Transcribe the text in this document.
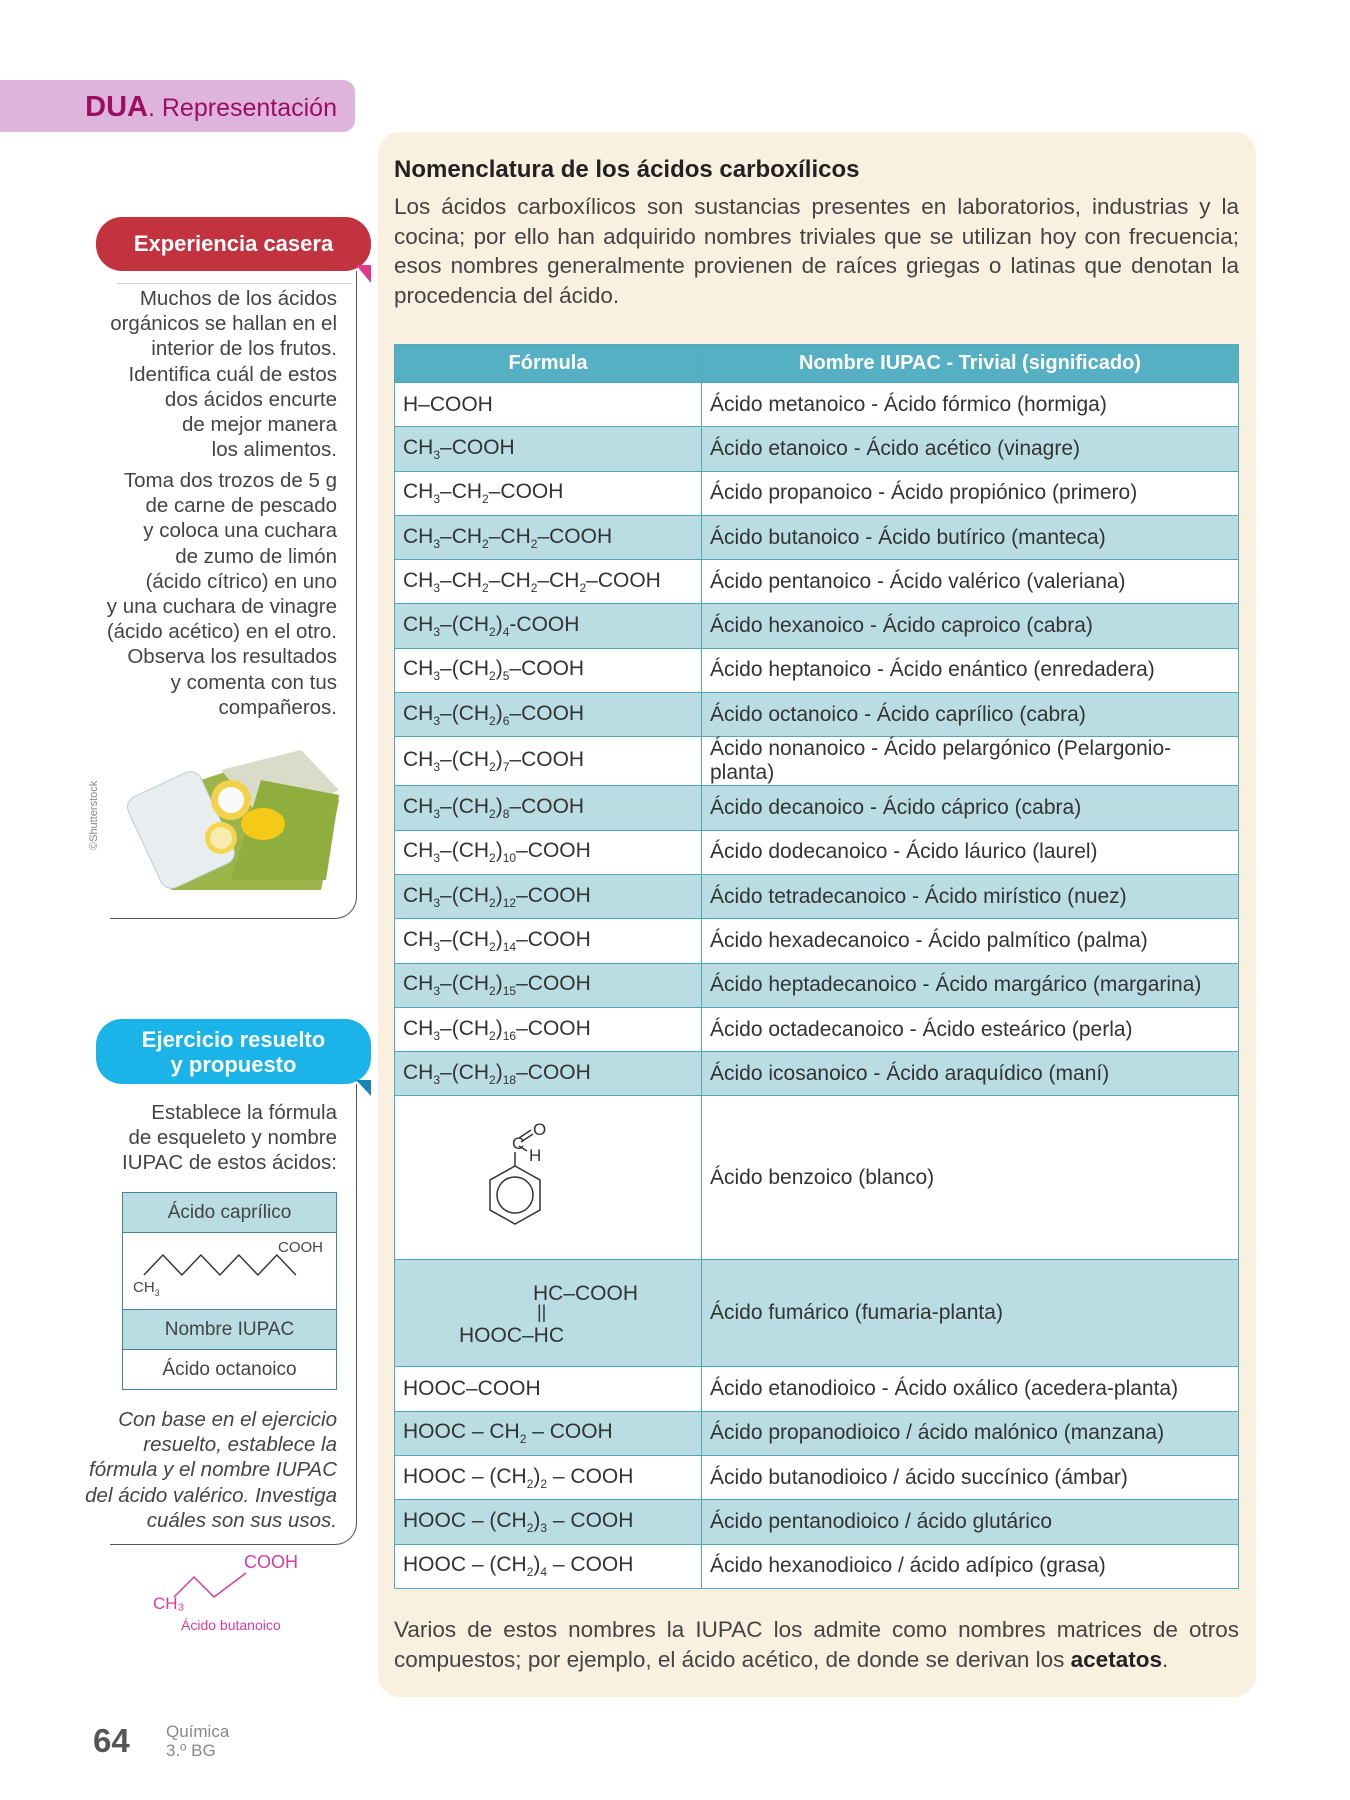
DUA. Representación
Experiencia casera
Muchos de los ácidos
orgánicos se hallan en el
interior de los frutos.
Identifica cuál de estos
dos ácidos encurte
de mejor manera
los alimentos.
Toma dos trozos de 5 g
de carne de pescado
y coloca una cuchara
de zumo de limón
(ácido cítrico) en uno
y una cuchara de vinagre
(ácido acético) en el otro.
Observa los resultados
y comenta con tus
compañeros.
©Shutterstock
Ejercicio resuelto
y propuesto
Establece la fórmula
de esqueleto y nombre
IUPAC de estos ácidos:
Ácido caprílico

COOH
$CH_3$

Nombre IUPAC
Ácido octanoico
Con base en el ejercicio
resuelto, establece la
fórmula y el nombre IUPAC
del ácido valérico. Investiga
cuáles son sus usos.
COOH
CH₃
Ácido butanoico
Nomenclatura de los ácidos carboxílicos
Los ácidos carboxílicos son sustancias presentes en laboratorios, industrias y la cocina; por ello han adquirido nombres triviales que se utilizan hoy con frecuencia; esos nombres generalmente provienen de raíces griegas o latinas que denotan la procedencia del ácido.
Fórmula	Nombre IUPAC - Trivial (significado)
H–COOH	Ácido metanoico - Ácido fórmico (hormiga)
$CH_3$–COOH	Ácido etanoico - Ácido acético (vinagre)
$CH_3-CH_2$–COOH	Ácido propanoico - Ácido propiónico (primero)
$CH_3-CH_2-CH_2$–COOH	Ácido butanoico - Ácido butírico (manteca)
$CH_3-CH_2-CH_2-CH_2$–COOH	Ácido pentanoico - Ácido valérico (valeriana)
$CH_3-(CH_2)_4$-COOH	Ácido hexanoico - Ácido caproico (cabra)
$CH_3-(CH_2)_5$–COOH	Ácido heptanoico - Ácido enántico (enredadera)
$CH_3-(CH_2)_6$–COOH	Ácido octanoico - Ácido caprílico (cabra)
$CH_3-(CH_2)_7$–COOH	Ácido nonanoico - Ácido pelargónico (Pelargonio-planta)
$CH_3-(CH_2)_8$–COOH	Ácido decanoico - Ácido cáprico (cabra)
$CH_3-(CH_2)_{10}$–COOH	Ácido dodecanoico - Ácido láurico (laurel)
$CH_3-(CH_2)_{12}$–COOH	Ácido tetradecanoico - Ácido mirístico (nuez)
$CH_3-(CH_2)_{14}$–COOH	Ácido hexadecanoico - Ácido palmítico (palma)
$CH_3-(CH_2)_{15}$–COOH	Ácido heptadecanoico - Ácido margárico (margarina)
$CH_3-(CH_2)_{16}$–COOH	Ácido octadecanoico - Ácido esteárico (perla)
$CH_3-(CH_2)_{18}$–COOH	Ácido icosanoico - Ácido araquídico (maní)

C
O
H	Ácido benzoico (blanco)

HC–COOH
||
HOOC–HC	Ácido fumárico (fumaria-planta)
HOOC–COOH	Ácido etanodioico - Ácido oxálico (acedera-planta)
HOOC – $CH_2$ – COOH	Ácido propanodioico / ácido malónico (manzana)
HOOC – $(CH_2)_2$ – COOH	Ácido butanodioico / ácido succínico (ámbar)
HOOC – $(CH_2)_3$ – COOH	Ácido pentanodioico / ácido glutárico
HOOC – $(CH_2)_4$ – COOH	Ácido hexanodioico / ácido adípico (grasa)
Varios de estos nombres la IUPAC los admite como nombres matrices de otros compuestos; por ejemplo, el ácido acético, de donde se derivan los acetatos.
64 Química
3.º BG
